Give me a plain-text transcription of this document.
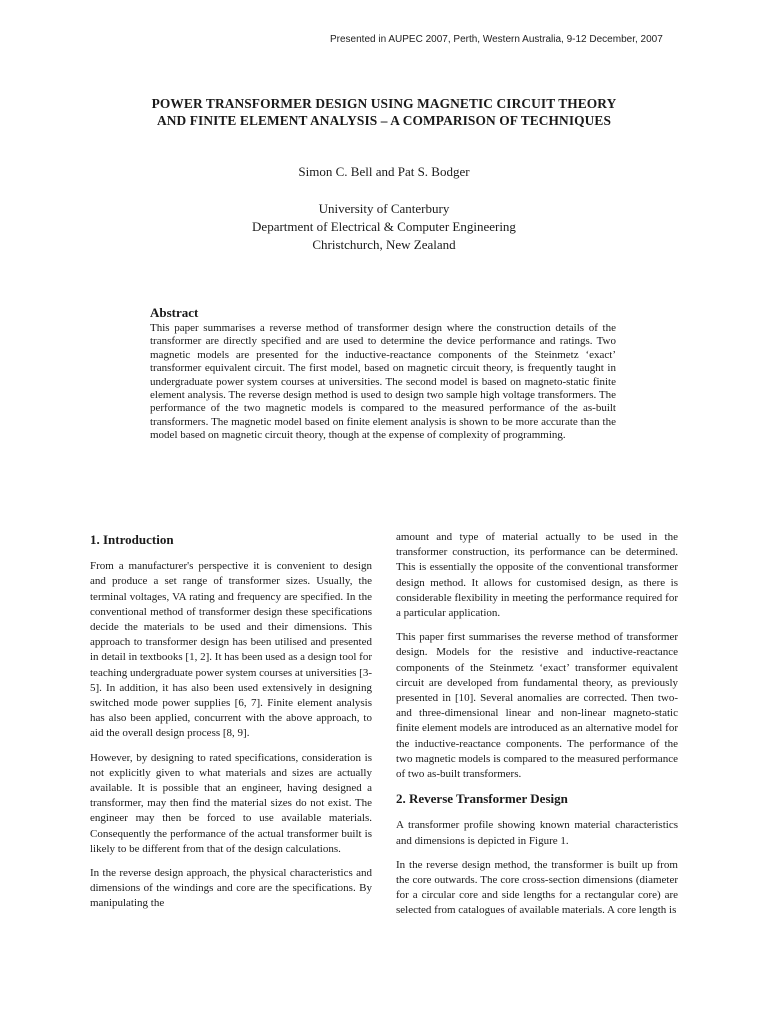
Presented in AUPEC 2007, Perth, Western Australia, 9-12 December, 2007
POWER TRANSFORMER DESIGN USING MAGNETIC CIRCUIT THEORY
AND FINITE ELEMENT ANALYSIS – A COMPARISON OF TECHNIQUES
Simon C. Bell and Pat S. Bodger
University of Canterbury
Department of Electrical & Computer Engineering
Christchurch, New Zealand
Abstract
This paper summarises a reverse method of transformer design where the construction details of the transformer are directly specified and are used to determine the device performance and ratings. Two magnetic models are presented for the inductive-reactance components of the Steinmetz ‘exact’ transformer equivalent circuit. The first model, based on magnetic circuit theory, is frequently taught in undergraduate power system courses at universities. The second model is based on magneto-static finite element analysis. The reverse design method is used to design two sample high voltage transformers. The performance of the two magnetic models is compared to the measured performance of the as-built transformers. The magnetic model based on finite element analysis is shown to be more accurate than the model based on magnetic circuit theory, though at the expense of complexity of programming.
1. Introduction

From a manufacturer's perspective it is convenient to design and produce a set range of transformer sizes. Usually, the terminal voltages, VA rating and frequency are specified. In the conventional method of transformer design these specifications decide the materials to be used and their dimensions. This approach to transformer design has been utilised and presented in detail in textbooks [1, 2]. It has been used as a design tool for teaching undergraduate power system courses at universities [3-5]. In addition, it has also been used extensively in designing switched mode power supplies [6, 7]. Finite element analysis has also been applied, concurrent with the above approach, to aid the overall design process [8, 9].

However, by designing to rated specifications, consideration is not explicitly given to what materials and sizes are actually available. It is possible that an engineer, having designed a transformer, may then find the material sizes do not exist. The engineer may then be forced to use available materials. Consequently the performance of the actual transformer built is likely to be different from that of the design calculations.

In the reverse design approach, the physical characteristics and dimensions of the windings and core are the specifications. By manipulating the

amount and type of material actually to be used in the transformer construction, its performance can be determined. This is essentially the opposite of the conventional transformer design method. It allows for customised design, as there is considerable flexibility in meeting the performance required for a particular application.

This paper first summarises the reverse method of transformer design. Models for the resistive and inductive-reactance components of the Steinmetz ‘exact’ transformer equivalent circuit are developed from fundamental theory, as previously presented in [10]. Several anomalies are corrected. Then two- and three-dimensional linear and non-linear magneto-static finite element models are introduced as an alternative model for the inductive-reactance components. The performance of the two magnetic models is compared to the measured performance of two as-built transformers.

2. Reverse Transformer Design

A transformer profile showing known material characteristics and dimensions is depicted in Figure 1.

In the reverse design method, the transformer is built up from the core outwards. The core cross-section dimensions (diameter for a circular core and side lengths for a rectangular core) are selected from catalogues of available materials. A core length is
